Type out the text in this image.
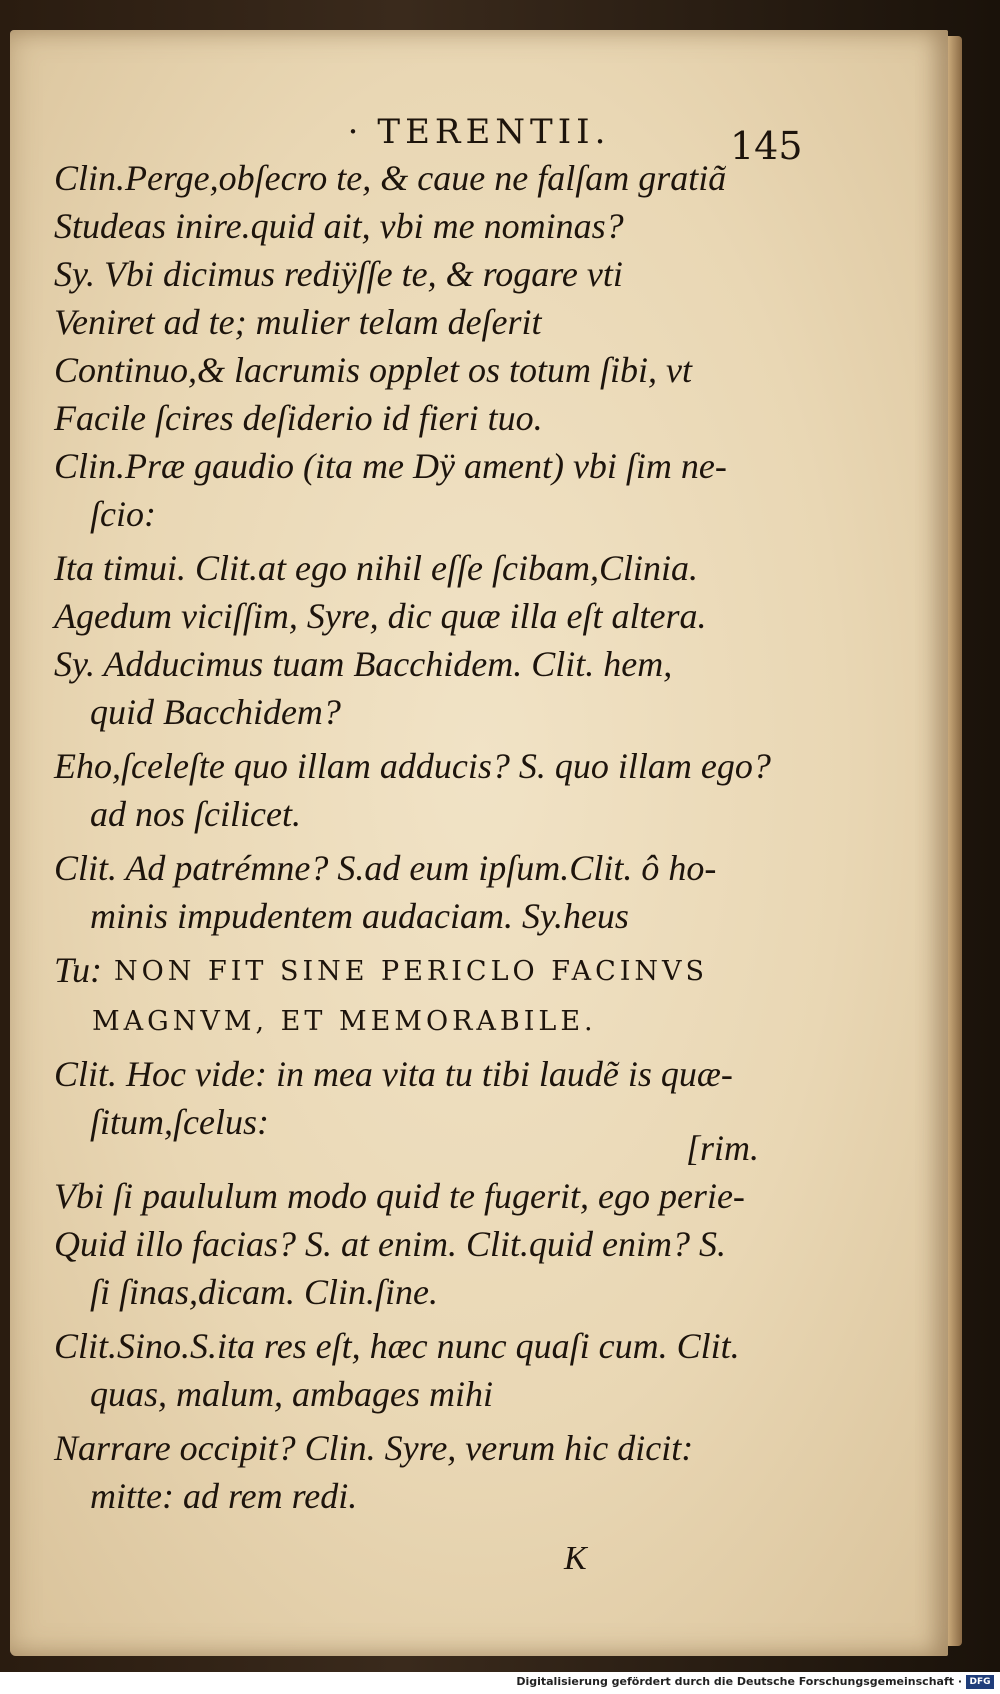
· TERENTII.	145
Clin.Perge,obſecro te, & caue ne falſam gratiã
Studeas inire.quid ait, vbi me nominas?
Sy. Vbi dicimus rediÿſſe te, & rogare vti
Veniret ad te; mulier telam deſerit
Continuo,& lacrumis opplet os totum ſibi, vt
Facile ſcires deſiderio id fieri tuo.
Clin.Præ gaudio (ita me Dÿ ament) vbi ſim ne-
ſcio:
Ita timui. Clit.at ego nihil eſſe ſcibam,Clinia.
Agedum viciſſim, Syre, dic quæ illa eſt altera.
Sy. Adducimus tuam Bacchidem. Clit. hem,
quid Bacchidem?
Eho,ſceleſte quo illam adducis? S. quo illam ego?
ad nos ſcilicet.
Clit. Ad patrémne? S.ad eum ipſum.Clit. ô ho-
minis impudentem audaciam. Sy.heus
Tu: NON FIT SINE PERICLO FACINVS
MAGNVM, ET MEMORABILE.
Clit. Hoc vide: in mea vita tu tibi laudẽ is quæ-
ſitum,ſcelus:
[rim.
Vbi ſi paululum modo quid te fugerit, ego perie-
Quid illo facias? S. at enim. Clit.quid enim? S.
ſi ſinas,dicam. Clin.ſine.
Clit.Sino.S.ita res eſt, hæc nunc quaſi cum. Clit.
quas, malum, ambages mihi
Narrare occipit? Clin. Syre, verum hic dicit:
mitte: ad rem redi.
K
Digitalisierung gefördert durch die Deutsche Forschungsgemeinschaft · DFG
